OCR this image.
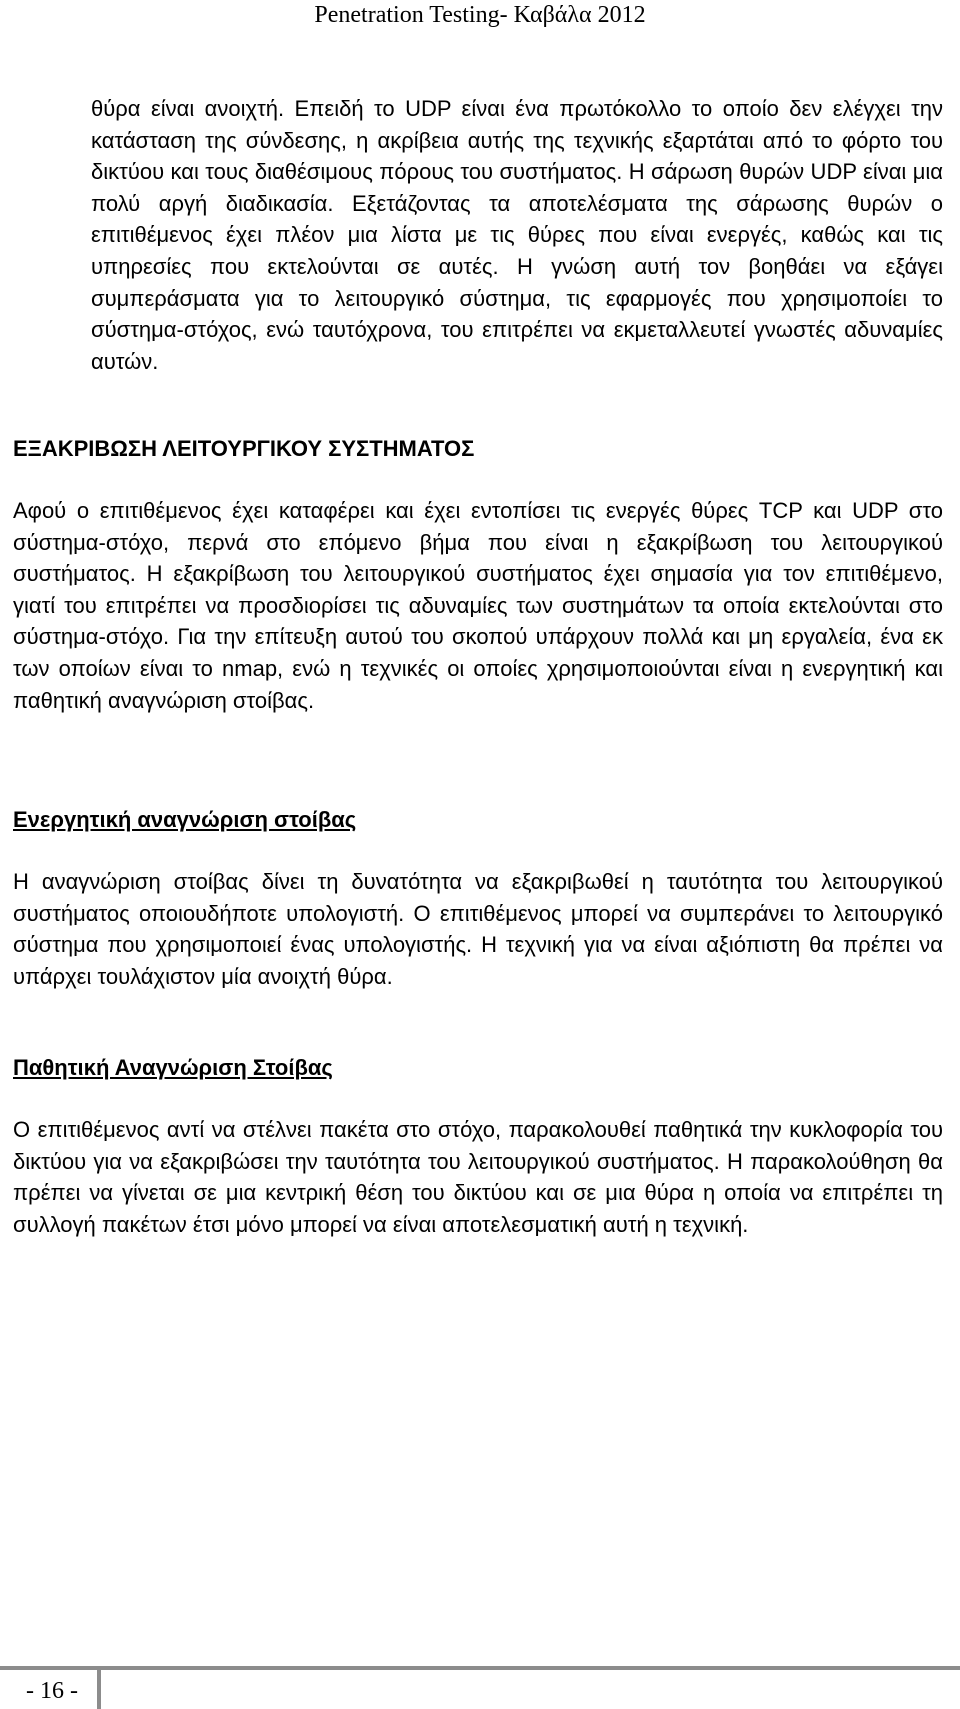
Penetration Testing- Καβάλα 2012

θύρα είναι ανοιχτή. Επειδή το UDP είναι ένα πρωτόκολλο το οποίο δεν ελέγχει την κατάσταση της σύνδεσης, η ακρίβεια αυτής της τεχνικής εξαρτάται από το φόρτο του δικτύου και τους διαθέσιμους πόρους του συστήματος. Η σάρωση θυρών UDP είναι μια πολύ αργή διαδικασία. Εξετάζοντας τα αποτελέσματα της σάρωσης θυρών ο επιτιθέμενος έχει πλέον μια λίστα με τις θύρες που είναι ενεργές, καθώς και τις υπηρεσίες που εκτελούνται σε αυτές. Η γνώση αυτή τον βοηθάει να εξάγει συμπεράσματα για το λειτουργικό σύστημα, τις εφαρμογές που χρησιμοποίει το σύστημα-στόχος, ενώ ταυτόχρονα, του επιτρέπει να εκμεταλλευτεί γνωστές αδυναμίες αυτών.

ΕΞΑΚΡΙΒΩΣΗ ΛΕΙΤΟΥΡΓΙΚΟΥ ΣΥΣΤΗΜΑΤΟΣ

Αφού ο επιτιθέμενος έχει καταφέρει και έχει εντοπίσει τις ενεργές θύρες TCP και UDP στο σύστημα-στόχο, περνά στο επόμενο βήμα που είναι η εξακρίβωση του λειτουργικού συστήματος. Η εξακρίβωση του λειτουργικού συστήματος έχει σημασία για τον επιτιθέμενο, γιατί του επιτρέπει να προσδιορίσει τις αδυναμίες των συστημάτων τα οποία εκτελούνται στο σύστημα-στόχο. Για την επίτευξη αυτού του σκοπού υπάρχουν πολλά και μη εργαλεία, ένα εκ των οποίων είναι το nmap, ενώ η τεχνικές οι οποίες χρησιμοποιούνται είναι η ενεργητική και παθητική αναγνώριση στοίβας.

Ενεργητική αναγνώριση στοίβας

Η αναγνώριση στοίβας δίνει τη δυνατότητα να εξακριβωθεί η ταυτότητα του λειτουργικού συστήματος οποιουδήποτε υπολογιστή. Ο επιτιθέμενος μπορεί να συμπεράνει το λειτουργικό σύστημα που χρησιμοποιεί ένας υπολογιστής. Η τεχνική για να είναι αξιόπιστη θα πρέπει να υπάρχει τουλάχιστον μία ανοιχτή θύρα.

Παθητική Αναγνώριση Στοίβας

Ο επιτιθέμενος αντί να στέλνει πακέτα στο στόχο, παρακολουθεί παθητικά την κυκλοφορία του δικτύου για να εξακριβώσει την ταυτότητα του λειτουργικού συστήματος. Η παρακολούθηση θα πρέπει να γίνεται σε μια κεντρική θέση του δικτύου και σε μια θύρα η οποία να επιτρέπει τη συλλογή πακέτων έτσι μόνο μπορεί να είναι αποτελεσματική αυτή η τεχνική.

- 16 -
